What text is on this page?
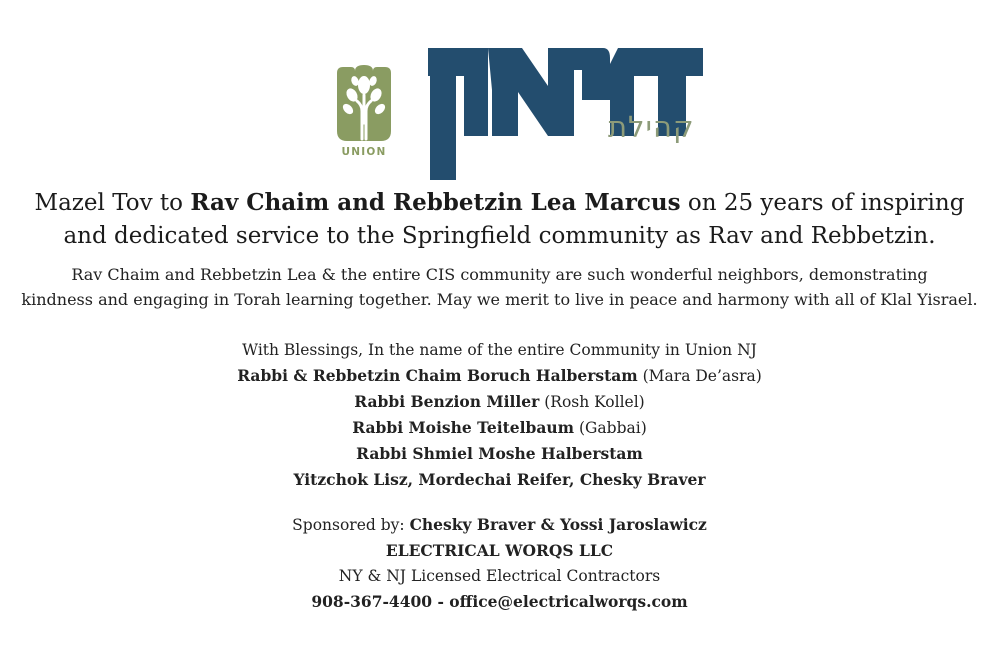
UNION
קהילת
Mazel Tov to Rav Chaim and Rebbetzin Lea Marcus on 25 years of inspiring
and dedicated service to the Springfield community as Rav and Rebbetzin.
Rav Chaim and Rebbetzin Lea & the entire CIS community are such wonderful neighbors, demonstrating
kindness and engaging in Torah learning together. May we merit to live in peace and harmony with all of Klal Yisrael.
With Blessings, In the name of the entire Community in Union NJ
Rabbi & Rebbetzin Chaim Boruch Halberstam (Mara De’asra)
Rabbi Benzion Miller (Rosh Kollel)
Rabbi Moishe Teitelbaum (Gabbai)
Rabbi Shmiel Moshe Halberstam
Yitzchok Lisz, Mordechai Reifer, Chesky Braver
Sponsored by: Chesky Braver & Yossi Jaroslawicz
ELECTRICAL WORQS LLC
NY & NJ Licensed Electrical Contractors
908-367-4400 - office@electricalworqs.com
